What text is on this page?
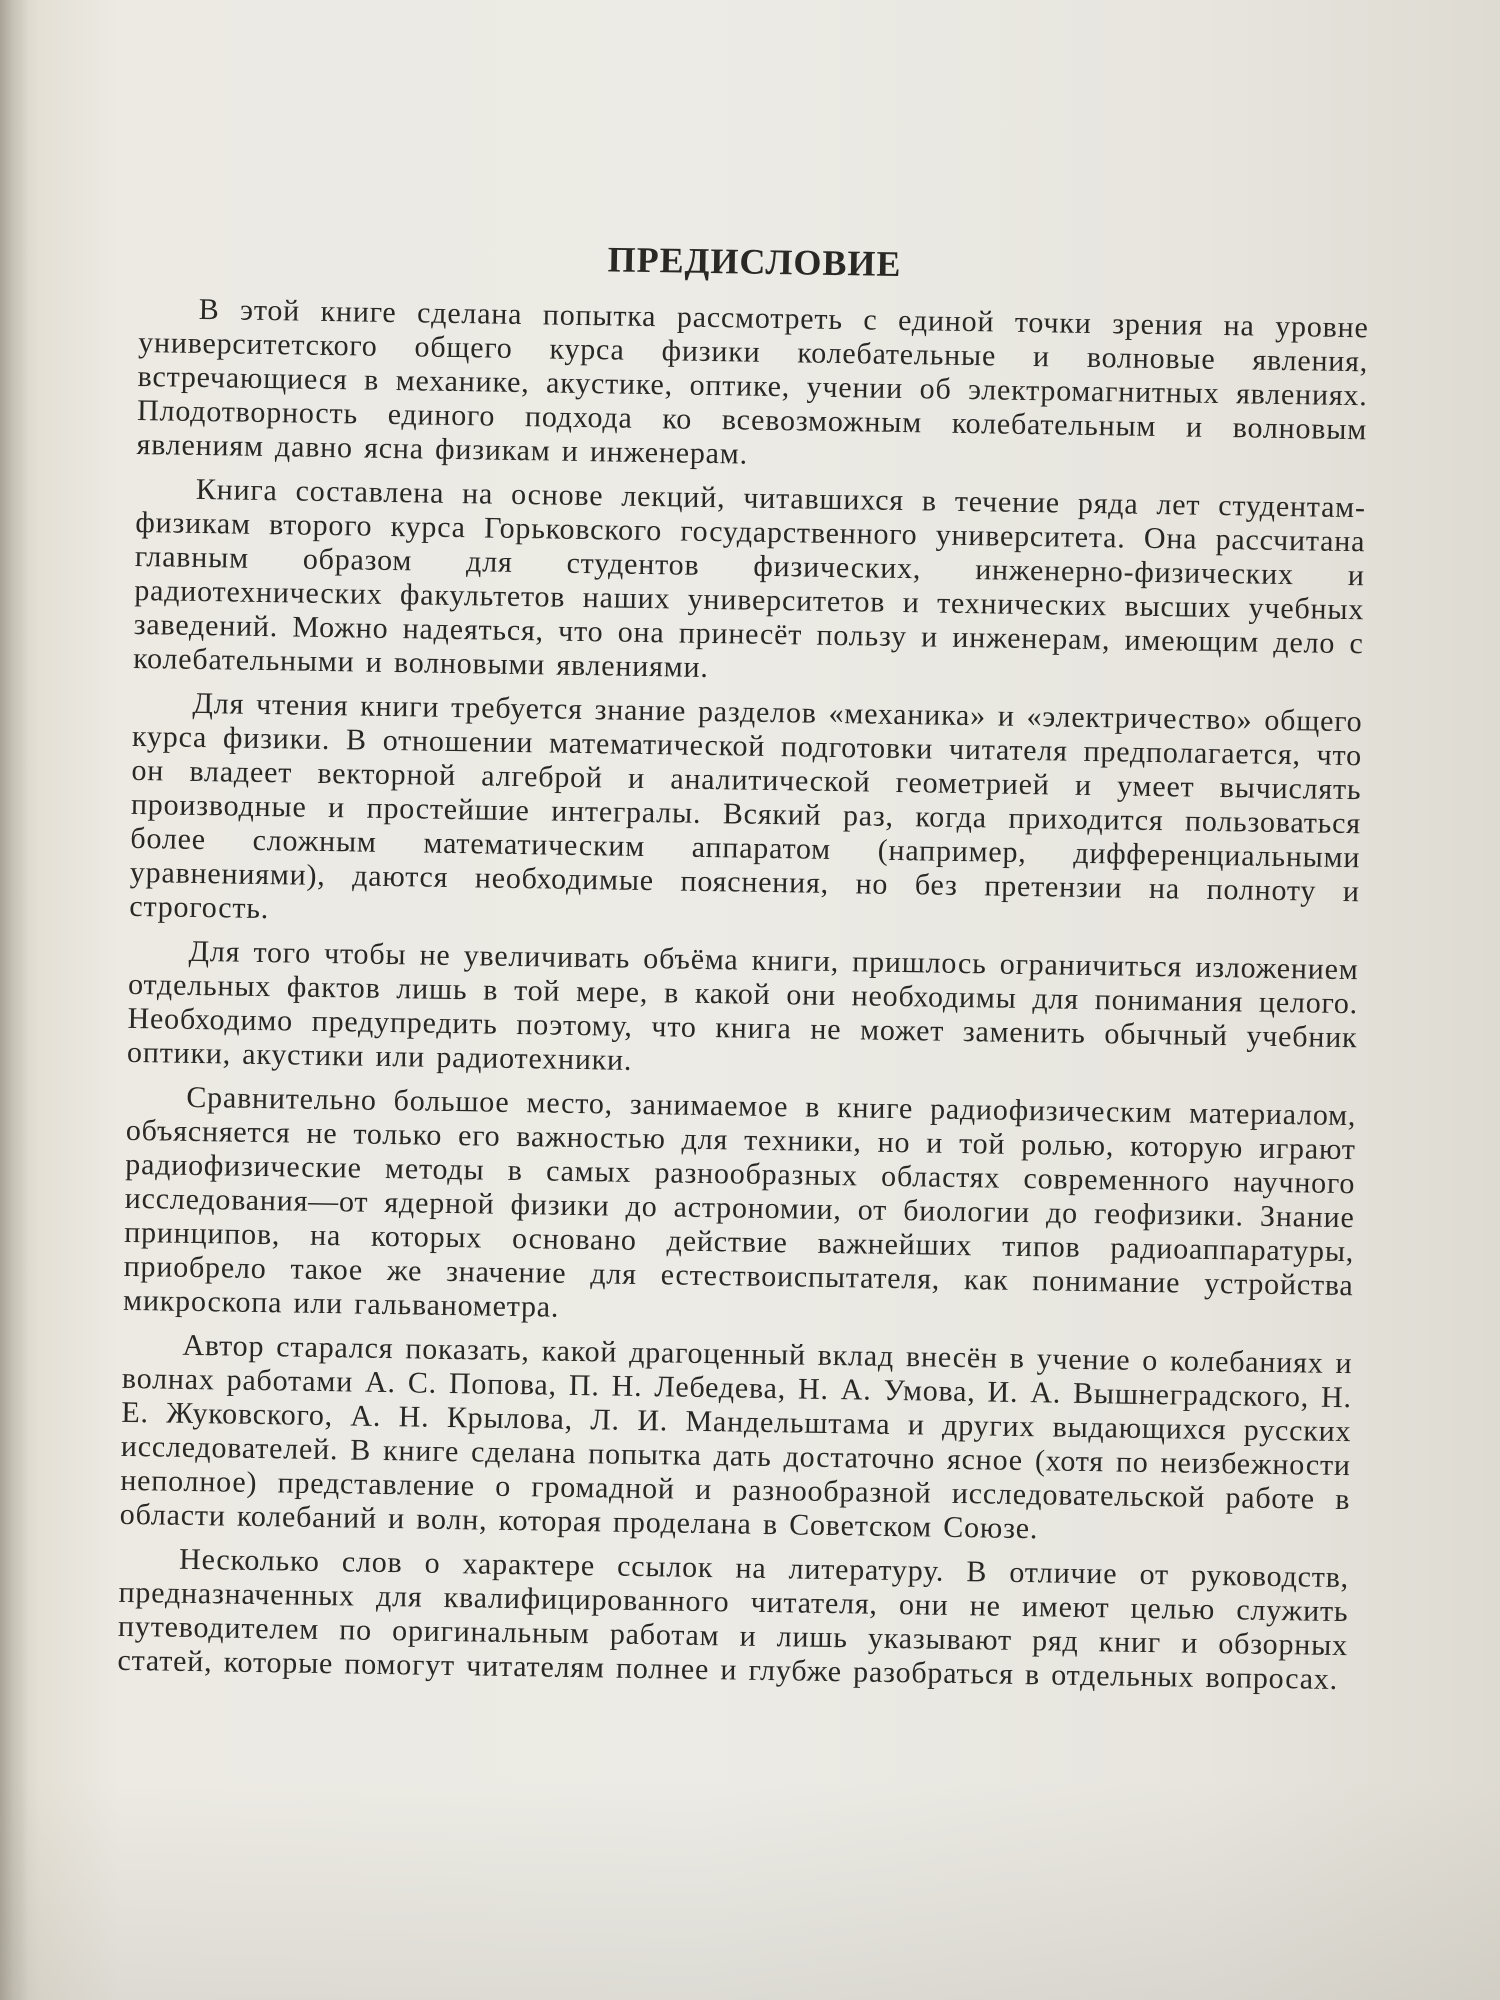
ПРЕДИСЛОВИЕ

В этой книге сделана попытка рассмотреть с единой точки зрения на уровне университетского общего курса физики колебательные и волновые явления, встречающиеся в механике, акустике, оптике, учении об электромагнитных явлениях. Плодотворность единого подхода ко всевозможным колебательным и волновым явлениям давно ясна физикам и инженерам.

Книга составлена на основе лекций, читавшихся в течение ряда лет студентам-физикам второго курса Горьковского государственного университета. Она рассчитана главным образом для студентов физических, инженерно-физических и радиотехнических факультетов наших университетов и технических высших учебных заведений. Можно надеяться, что она принесёт пользу и инженерам, имеющим дело с колебательными и волновыми явлениями.

Для чтения книги требуется знание разделов «механика» и «электричество» общего курса физики. В отношении математической подготовки читателя предполагается, что он владеет векторной алгеброй и аналитической геометрией и умеет вычислять производные и простейшие интегралы. Всякий раз, когда приходится пользоваться более сложным математическим аппаратом (например, дифференциальными уравнениями), даются необходимые пояснения, но без претензии на полноту и строгость.

Для того чтобы не увеличивать объёма книги, пришлось ограничиться изложением отдельных фактов лишь в той мере, в какой они необходимы для понимания целого. Необходимо предупредить поэтому, что книга не может заменить обычный учебник оптики, акустики или радиотехники.

Сравнительно большое место, занимаемое в книге радиофизическим материалом, объясняется не только его важностью для техники, но и той ролью, которую играют радиофизические методы в самых разнообразных областях современного научного исследования—от ядерной физики до астрономии, от биологии до геофизики. Знание принципов, на которых основано действие важнейших типов радиоаппаратуры, приобрело такое же значение для естествоиспытателя, как понимание устройства микроскопа или гальванометра.

Автор старался показать, какой драгоценный вклад внесён в учение о колебаниях и волнах работами А. С. Попова, П. Н. Лебедева, Н. А. Умова, И. А. Вышнеградского, Н. Е. Жуковского, А. Н. Крылова, Л. И. Мандельштама и других выдающихся русских исследователей. В книге сделана попытка дать достаточно ясное (хотя по неизбежности неполное) представление о громадной и разнообразной исследовательской работе в области колебаний и волн, которая проделана в Советском Союзе.

Несколько слов о характере ссылок на литературу. В отличие от руководств, предназначенных для квалифицированного читателя, они не имеют целью служить путеводителем по оригинальным работам и лишь указывают ряд книг и обзорных статей, которые помогут читателям полнее и глубже разобраться в отдельных вопросах.
